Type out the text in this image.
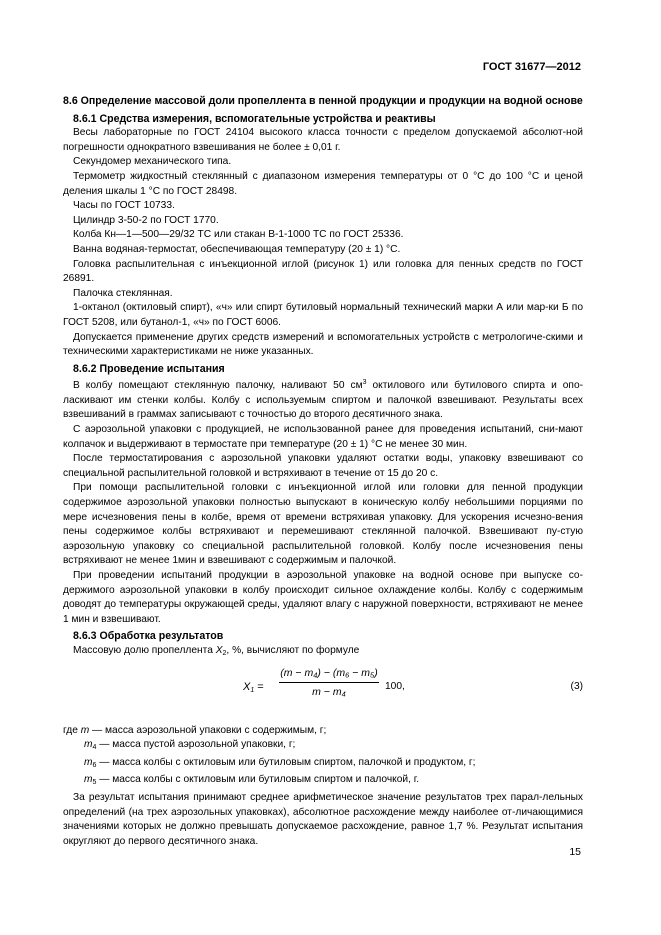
ГОСТ 31677—2012
8.6 Определение массовой доли пропеллента в пенной продукции и продукции на водной основе
8.6.1 Средства измерения, вспомогательные устройства и реактивы

Весы лабораторные по ГОСТ 24104 высокого класса точности с пределом допускаемой абсолют-ной погрешности однократного взвешивания не более ± 0,01 г.

Секундомер механического типа.

Термометр жидкостный стеклянный с диапазоном измерения температуры от 0 °С до 100 °С и ценой деления шкалы 1 °С по ГОСТ 28498.

Часы по ГОСТ 10733.

Цилиндр 3-50-2 по ГОСТ 1770.

Колба Кн—1—500—29/32 ТС или стакан В-1-1000 ТС по ГОСТ 25336.

Ванна водяная-термостат, обеспечивающая температуру (20 ± 1) °С.

Головка распылительная с инъекционной иглой (рисунок 1) или головка для пенных средств по ГОСТ 26891.

Палочка стеклянная.

1-октанол (октиловый спирт), «ч» или спирт бутиловый нормальный технический марки А или мар-ки Б по ГОСТ 5208, или бутанол-1, «ч» по ГОСТ 6006.

Допускается применение других средств измерений и вспомогательных устройств с метрологиче-скими и техническими характеристиками не ниже указанных.

8.6.2 Проведение испытания

В колбу помещают стеклянную палочку, наливают 50 $см^3$ октилового или бутилового спирта и опо-ласкивают им стенки колбы. Колбу с используемым спиртом и палочкой взвешивают. Результаты всех взвешиваний в граммах записывают с точностью до второго десятичного знака.

С аэрозольной упаковки с продукцией, не использованной ранее для проведения испытаний, сни-мают колпачок и выдерживают в термостате при температуре (20 ± 1) °С не менее 30 мин.

После термостатирования с аэрозольной упаковки удаляют остатки воды, упаковку взвешивают со специальной распылительной головкой и встряхивают в течение от 15 до 20 с.

При помощи распылительной головки с инъекционной иглой или головки для пенной продукции содержимое аэрозольной упаковки полностью выпускают в коническую колбу небольшими порциями по мере исчезновения пены в колбе, время от времени встряхивая упаковку. Для ускорения исчезно-вения пены содержимое колбы встряхивают и перемешивают стеклянной палочкой. Взвешивают пу-стую аэрозольную упаковку со специальной распылительной головкой. Колбу после исчезновения пены встряхивают не менее 1мин и взвешивают с содержимым и палочкой.

При проведении испытаний продукции в аэрозольной упаковке на водной основе при выпуске со-держимого аэрозольной упаковки в колбу происходит сильное охлаждение колбы. Колбу с содержимым доводят до температуры окружающей среды, удаляют влагу с наружной поверхности, встряхивают не менее 1 мин и взвешивают.

8.6.3 Обработка результатов

Массовую долю пропеллента $X_2$, %, вычисляют по формуле

$X_1 = \frac{\text{(m − m₄) − (m₆ − m₅)}}{\text{m − m₄}} 100$,	(3)

где m — масса аэрозольной упаковки с содержимым, г;

$m_4$ — масса пустой аэрозольной упаковки, г;

$m_6$ — масса колбы с октиловым или бутиловым спиртом, палочкой и продуктом, г;

$m_5$ — масса колбы с октиловым или бутиловым спиртом и палочкой, г.

За результат испытания принимают среднее арифметическое значение результатов трех парал-лельных определений (на трех аэрозольных упаковках), абсолютное расхождение между наиболее от-личающимися значениями которых не должно превышать допускаемое расхождение, равное 1,7 %. Результат испытания округляют до первого десятичного знака.

15
